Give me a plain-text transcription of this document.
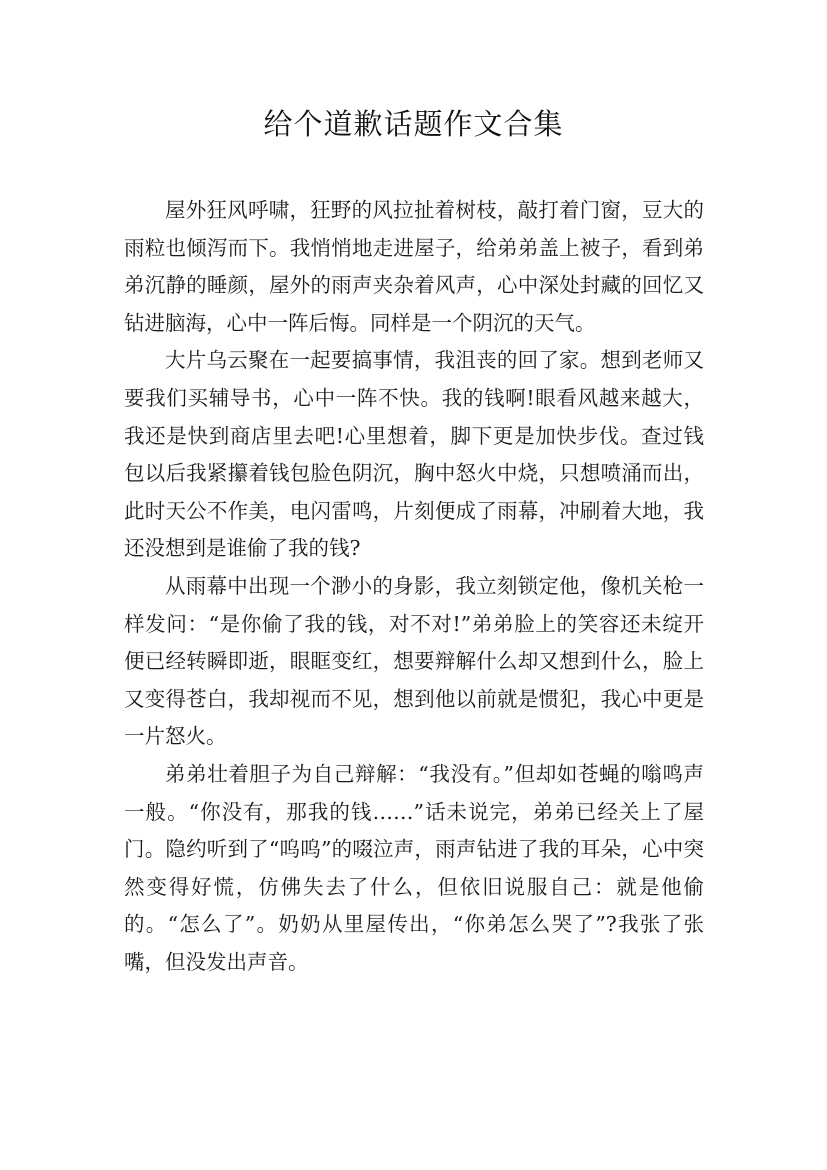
给个道歉话题作文合集

屋外狂风呼啸，狂野的风拉扯着树枝，敲打着门窗，豆大的雨粒也倾泻而下。我悄悄地走进屋子，给弟弟盖上被子，看到弟弟沉静的睡颜，屋外的雨声夹杂着风声，心中深处封藏的回忆又钻进脑海，心中一阵后悔。同样是一个阴沉的天气。

大片乌云聚在一起要搞事情，我沮丧的回了家。想到老师又要我们买辅导书，心中一阵不快。我的钱啊!眼看风越来越大，我还是快到商店里去吧!心里想着，脚下更是加快步伐。查过钱包以后我紧攥着钱包脸色阴沉，胸中怒火中烧，只想喷涌而出，此时天公不作美，电闪雷鸣，片刻便成了雨幕，冲刷着大地，我还没想到是谁偷了我的钱?

从雨幕中出现一个渺小的身影，我立刻锁定他，像机关枪一样发问：“是你偷了我的钱，对不对!”弟弟脸上的笑容还未绽开便已经转瞬即逝，眼眶变红，想要辩解什么却又想到什么，脸上又变得苍白，我却视而不见，想到他以前就是惯犯，我心中更是一片怒火。

弟弟壮着胆子为自己辩解：“我没有。”但却如苍蝇的嗡鸣声一般。“你没有，那我的钱……”话未说完，弟弟已经关上了屋门。隐约听到了“呜呜”的啜泣声，雨声钻进了我的耳朵，心中突然变得好慌，仿佛失去了什么，但依旧说服自己：就是他偷的。“怎么了”。奶奶从里屋传出，“你弟怎么哭了”?我张了张嘴，但没发出声音。
